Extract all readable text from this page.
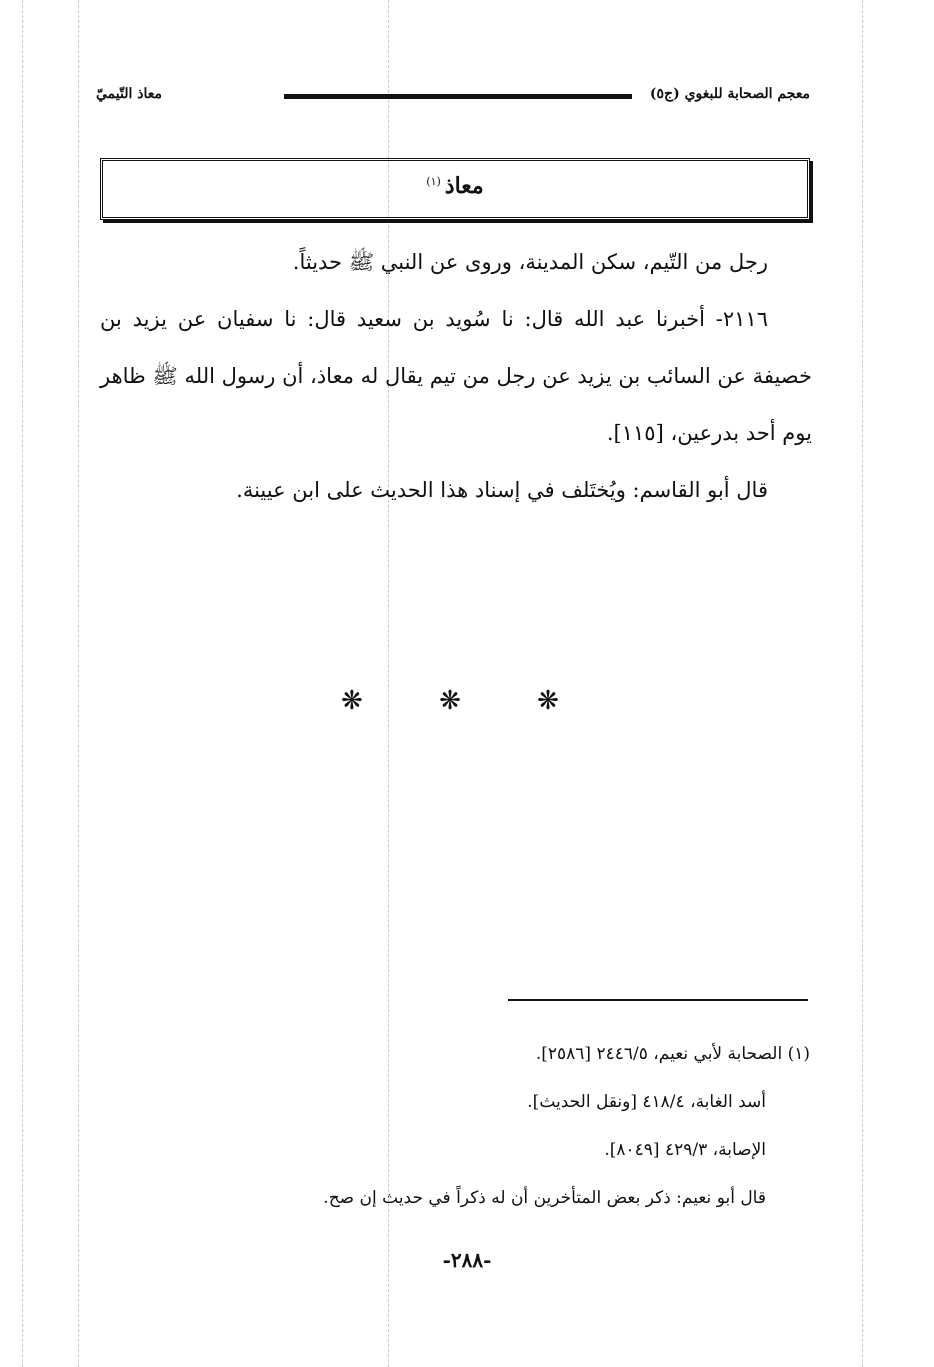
معجم الصحابة للبغوي (ج٥)
معاذ التّيميّ
معاذ$^{(١)}$

رجل من التّيم، سكن المدينة، وروى عن النبي ﷺ حديثاً.

٢١١٦- أخبرنا عبد الله قال: نا سُويد بن سعيد قال: نا سفيان عن يزيد بن خصيفة عن السائب بن يزيد عن رجل من تيم يقال له معاذ، أن رسول الله ﷺ ظاهر يوم أحد بدرعين، [١١٥].

قال أبو القاسم: ويُختَلف في إسناد هذا الحديث على ابن عيينة.

❋ ❋ ❋

(١) الصحابة لأبي نعيم، ٢٤٤٦/٥ [٢٥٨٦].

أسد الغابة، ٤١٨/٤ [ونقل الحديث].

الإصابة، ٤٢٩/٣ [٨٠٤٩].

قال أبو نعيم: ذكر بعض المتأخرين أن له ذكراً في حديث إن صح.

-٢٨٨-
